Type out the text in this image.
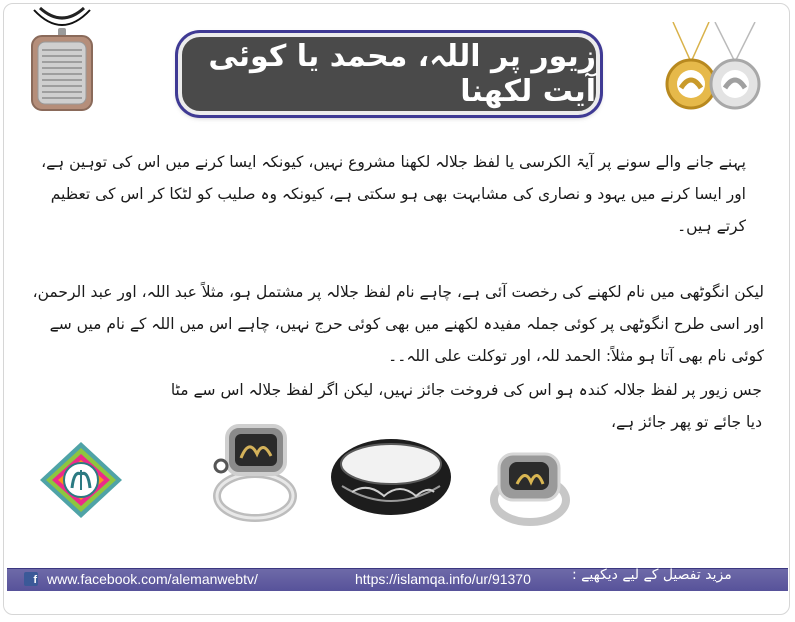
زیور پر اللہ، محمد یا کوئی آیت لکھنا
پہنے جانے والے سونے پر آیۃ الکرسی یا لفظ جلالہ لکھنا مشروع نہیں، کیونکہ ایسا کرنے میں اس کی توہین ہے، اور ایسا کرنے میں یہود و نصاری کی مشابہت بھی ہو سکتی ہے، کیونکہ وہ صلیب کو لٹکا کر اس کی تعظیم کرتے ہیں۔
لیکن انگوٹھی میں نام لکھنے کی رخصت آئی ہے، چاہے نام لفظ جلالہ پر مشتمل ہو، مثلاً عبد اللہ، اور عبد الرحمن، اور اسی طرح انگوٹھی پر کوئی جملہ مفیدہ لکھنے میں بھی کوئی حرج نہیں، چاہے اس میں اللہ کے نام میں سے کوئی نام بھی آتا ہو مثلاً: الحمد للہ، اور توکلت علی اللہ۔۔
جس زیور پر لفظ جلالہ کندہ ہو اس کی فروخت جائز نہیں، لیکن اگر لفظ جلالہ اس سے مٹا دیا جائے تو پھر جائز ہے،
f www.facebook.com/alemanwebtv/	https://islamqa.info/ur/91370	مزید تفصیل کے لیے دیکھیے :
